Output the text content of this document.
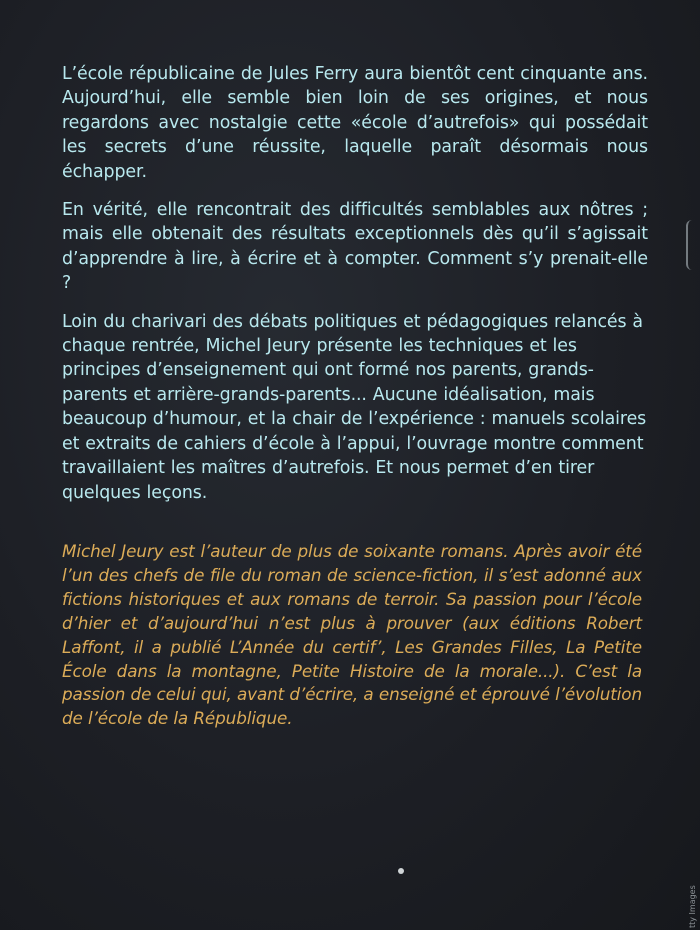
L’école républicaine de Jules Ferry aura bientôt cent cinquante ans. Aujourd’hui, elle semble bien loin de ses origines, et nous regardons avec nostalgie cette «école d’autrefois» qui possédait les secrets d’une réussite, laquelle paraît désormais nous échapper.

En vérité, elle rencontrait des difficultés semblables aux nôtres ; mais elle obtenait des résultats exceptionnels dès qu’il s’agissait d’apprendre à lire, à écrire et à compter. Comment s’y prenait-elle ?

Loin du charivari des débats politiques et pédagogiques relancés à chaque rentrée, Michel Jeury présente les techniques et les principes d’enseignement qui ont formé nos parents, grands-parents et arrière-grands-parents... Aucune idéalisation, mais beaucoup d’humour, et la chair de l’expérience : manuels scolaires et extraits de cahiers d’école à l’appui, l’ouvrage montre comment travaillaient les maîtres d’autrefois. Et nous permet d’en tirer quelques leçons.

Michel Jeury est l’auteur de plus de soixante romans. Après avoir été l’un des chefs de file du roman de science-fiction, il s’est adonné aux fictions historiques et aux romans de terroir. Sa passion pour l’école d’hier et d’aujourd’hui n’est plus à prouver (aux éditions Robert Laffont, il a publié L’Année du certif’, Les Grandes Filles, La Petite École dans la montagne, Petite Histoire de la morale...). C’est la passion de celui qui, avant d’écrire, a enseigné et éprouvé l’évolution de l’école de la République.

tty Images
